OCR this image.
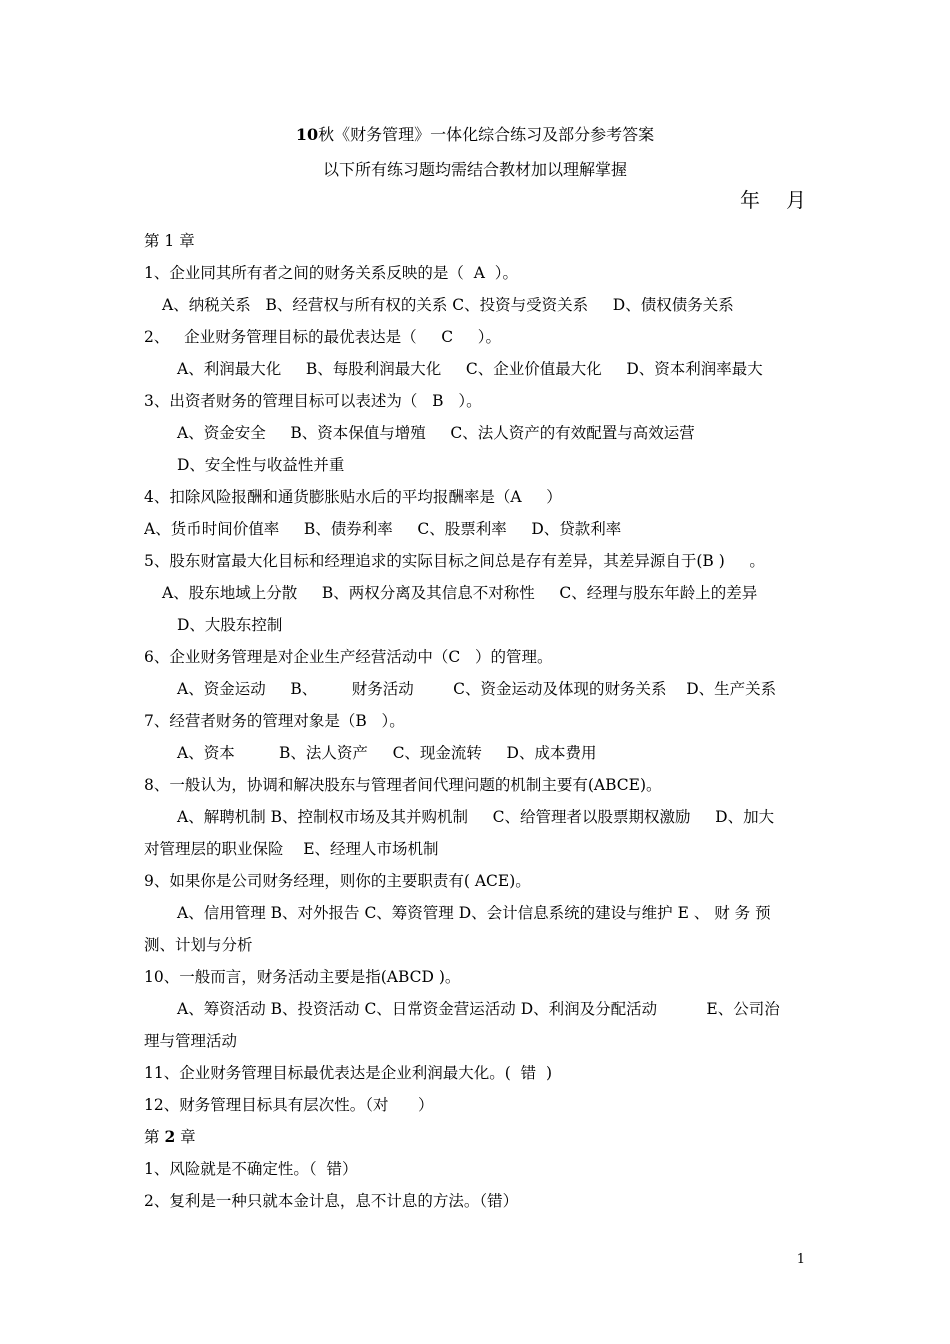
10秋《财务管理》一体化综合练习及部分参考答案
以下所有练习题均需结合教材加以理解掌握
年 月
第 1 章
1、企业同其所有者之间的财务关系反映的是（  A  ）。
A、纳税关系   B、经营权与所有权的关系 C、投资与受资关系     D、债权债务关系
2、   企业财务管理目标的最优表达是（     C     ）。
A、利润最大化     B、每股利润最大化     C、企业价值最大化     D、资本利润率最大
3、出资者财务的管理目标可以表述为（   B   ）。
A、资金安全     B、资本保值与增殖     C、法人资产的有效配置与高效运营
D、安全性与收益性并重
4、扣除风险报酬和通货膨胀贴水后的平均报酬率是（A     ）
A、货币时间价值率     B、债券利率     C、股票利率     D、贷款利率
5、股东财富最大化目标和经理追求的实际目标之间总是存有差异，其差异源自于(B )     。
A、股东地域上分散     B、两权分离及其信息不对称性     C、经理与股东年龄上的差异
D、大股东控制
6、企业财务管理是对企业生产经营活动中（C   ）的管理。
A、资金运动     B、       财务活动        C、资金运动及体现的财务关系    D、生产关系
7、经营者财务的管理对象是（B   ）。
A、资本         B、法人资产     C、现金流转     D、成本费用
8、一般认为，协调和解决股东与管理者间代理问题的机制主要有(ABCE)。
A、解聘机制 B、控制权市场及其并购机制     C、给管理者以股票期权激励     D、加大
对管理层的职业保险    E、经理人市场机制
9、如果你是公司财务经理，则你的主要职责有( ACE)。
A、信用管理 B、对外报告 C、筹资管理 D、会计信息系统的建设与维护 E 、 财 务 预
测、计划与分析
10、一般而言，财务活动主要是指(ABCD )。
A、筹资活动 B、投资活动 C、日常资金营运活动 D、利润及分配活动          E、公司治
理与管理活动
11、企业财务管理目标最优表达是企业利润最大化。(  错  )
12、财务管理目标具有层次性。（对      ）
第 2 章
1、风险就是不确定性。（  错）
2、复利是一种只就本金计息，息不计息的方法。（错）
1
